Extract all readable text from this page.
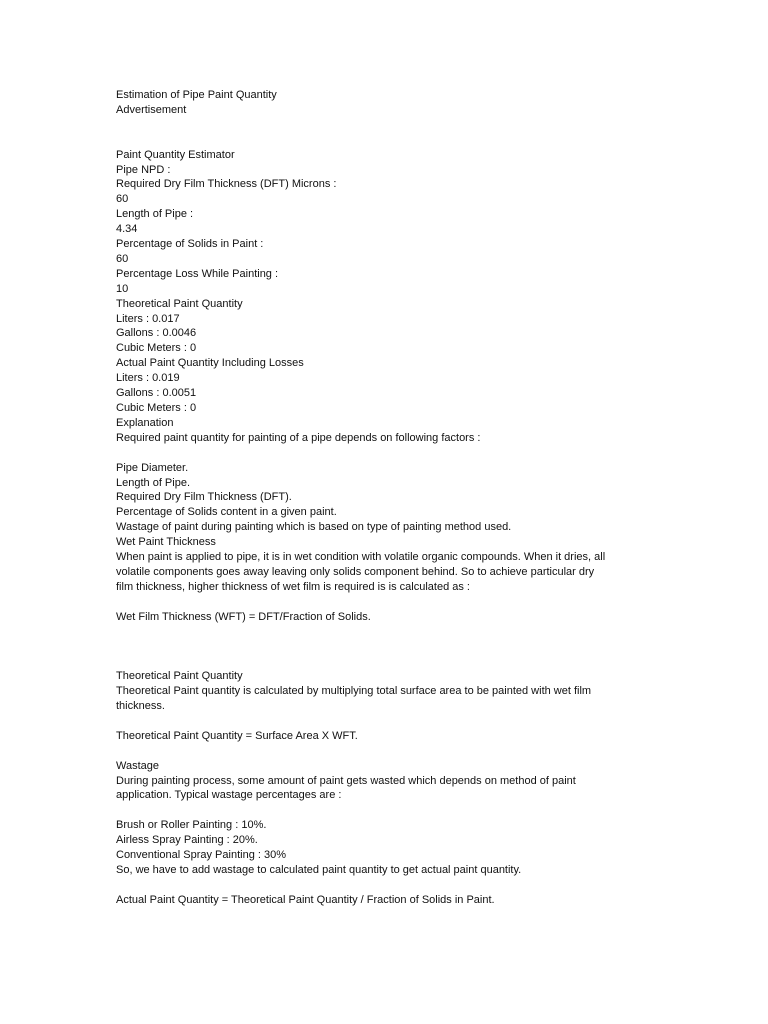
Estimation of Pipe Paint Quantity
Advertisement
Paint Quantity Estimator
Pipe NPD :
Required Dry Film Thickness (DFT) Microns :
60
Length of Pipe :
4.34
Percentage of Solids in Paint :
60
Percentage Loss While Painting :
10
Theoretical Paint Quantity
Liters : 0.017
Gallons : 0.0046
Cubic Meters : 0
Actual Paint Quantity Including Losses
Liters : 0.019
Gallons : 0.0051
Cubic Meters : 0
Explanation
Required paint quantity for painting of a pipe depends on following factors :
Pipe Diameter.
Length of Pipe.
Required Dry Film Thickness (DFT).
Percentage of Solids content in a given paint.
Wastage of paint during painting which is based on type of painting method used.
Wet Paint Thickness
When paint is applied to pipe, it is in wet condition with volatile organic compounds. When it dries, all
volatile components goes away leaving only solids component behind. So to achieve particular dry
film thickness, higher thickness of wet film is required is is calculated as :
Wet Film Thickness (WFT) = DFT/Fraction of Solids.
Theoretical Paint Quantity
Theoretical Paint quantity is calculated by multiplying total surface area to be painted with wet film
thickness.
Theoretical Paint Quantity = Surface Area X WFT.
Wastage
During painting process, some amount of paint gets wasted which depends on method of paint
application. Typical wastage percentages are :
Brush or Roller Painting : 10%.
Airless Spray Painting : 20%.
Conventional Spray Painting : 30%
So, we have to add wastage to calculated paint quantity to get actual paint quantity.
Actual Paint Quantity = Theoretical Paint Quantity / Fraction of Solids in Paint.
